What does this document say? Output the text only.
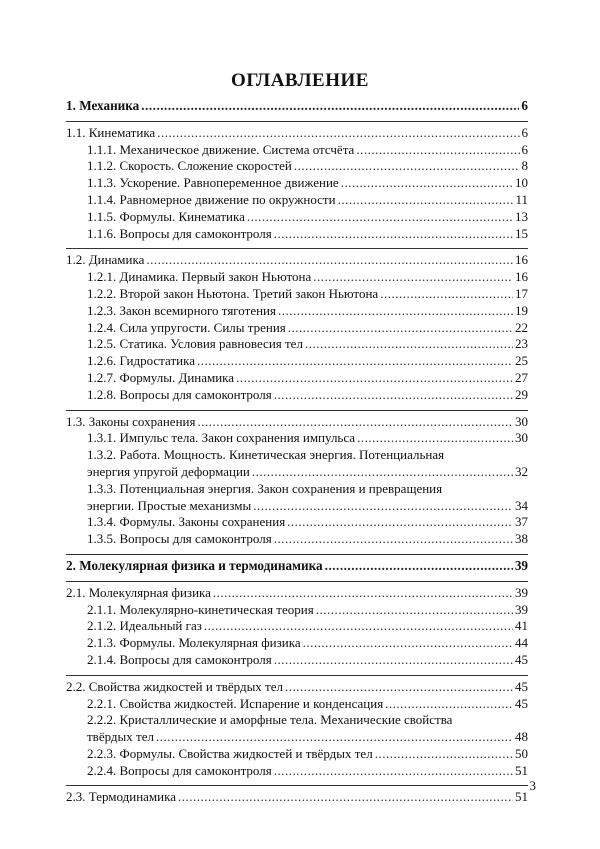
ОГЛАВЛЕНИЕ
1. Механика .....	6
1.1. Кинематика .....	6
1.1.1. Механическое движение. Система отсчёта .....	6
1.1.2. Скорость. Сложение скоростей .....	8
1.1.3. Ускорение. Равнопеременное движение .....	10
1.1.4. Равномерное движение по окружности .....	11
1.1.5. Формулы. Кинематика .....	13
1.1.6. Вопросы для самоконтроля .....	15
1.2. Динамика .....	16
1.2.1. Динамика. Первый закон Ньютона .....	16
1.2.2. Второй закон Ньютона. Третий закон Ньютона .....	17
1.2.3. Закон всемирного тяготения .....	19
1.2.4. Сила упругости. Силы трения .....	22
1.2.5. Статика. Условия равновесия тел .....	23
1.2.6. Гидростатика .....	25
1.2.7. Формулы. Динамика .....	27
1.2.8. Вопросы для самоконтроля .....	29
1.3. Законы сохранения .....	30
1.3.1. Импульс тела. Закон сохранения импульса .....	30
1.3.2. Работа. Мощность. Кинетическая энергия. Потенциальная
энергия упругой деформации .....	32
1.3.3. Потенциальная энергия. Закон сохранения и превращения
энергии. Простые механизмы .....	34
1.3.4. Формулы. Законы сохранения .....	37
1.3.5. Вопросы для самоконтроля .....	38
2. Молекулярная физика и термодинамика .....	39
2.1. Молекулярная физика .....	39
2.1.1. Молекулярно-кинетическая теория .....	39
2.1.2. Идеальный газ .....	41
2.1.3. Формулы. Молекулярная физика .....	44
2.1.4. Вопросы для самоконтроля .....	45
2.2. Свойства жидкостей и твёрдых тел .....	45
2.2.1. Свойства жидкостей. Испарение и конденсация .....	45
2.2.2. Кристаллические и аморфные тела. Механические свойства
твёрдых тел .....	48
2.2.3. Формулы. Свойства жидкостей и твёрдых тел .....	50
2.2.4. Вопросы для самоконтроля .....	51
2.3. Термодинамика .....	51
3
